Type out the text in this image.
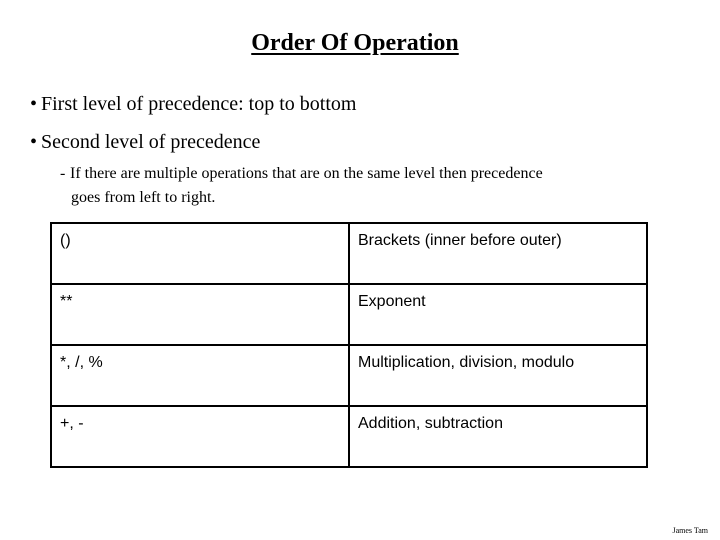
Order Of Operation
• First level of precedence: top to bottom
• Second level of precedence
- If there are multiple operations that are on the same level then precedence
goes from left to right.
()	Brackets (inner before outer)
**	Exponent
*, /, %	Multiplication, division, modulo
+, -	Addition, subtraction
James Tam
